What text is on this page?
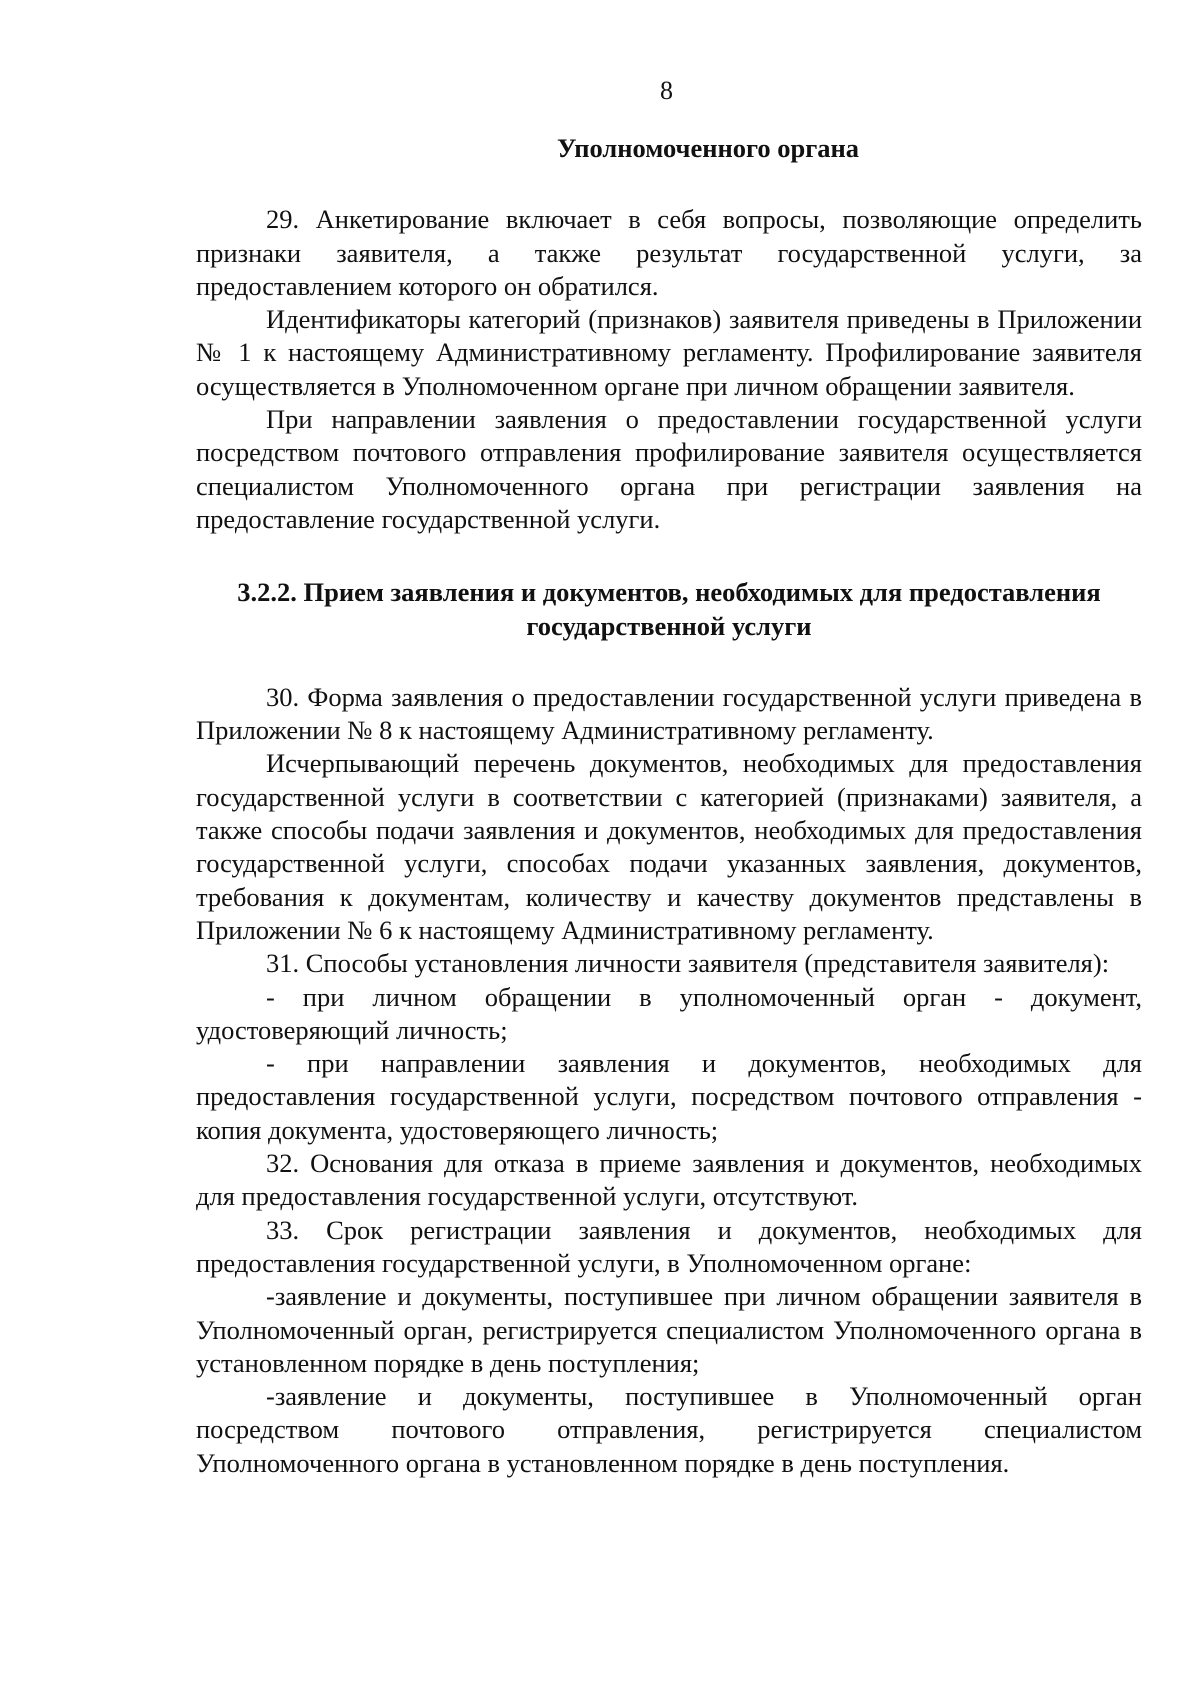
8
Уполномоченного органа

29. Анкетирование включает в себя вопросы, позволяющие определить признаки заявителя, а также результат государственной услуги, за предоставлением которого он обратился.

Идентификаторы категорий (признаков) заявителя приведены в Приложении № 1 к настоящему Административному регламенту. Профилирование заявителя осуществляется в Уполномоченном органе при личном обращении заявителя.

При направлении заявления о предоставлении государственной услуги посредством почтового отправления профилирование заявителя осуществляется специалистом Уполномоченного органа при регистрации заявления на предоставление государственной услуги.

3.2.2. Прием заявления и документов, необходимых для предоставления
государственной услуги

30. Форма заявления о предоставлении государственной услуги приведена в Приложении № 8 к настоящему Административному регламенту.

Исчерпывающий перечень документов, необходимых для предоставления государственной услуги в соответствии с категорией (признаками) заявителя, а также способы подачи заявления и документов, необходимых для предоставления государственной услуги, способах подачи указанных заявления, документов, требования к документам, количеству и качеству документов представлены в Приложении № 6 к настоящему Административному регламенту.

31. Способы установления личности заявителя (представителя заявителя):

- при личном обращении в уполномоченный орган - документ, удостоверяющий личность;

- при направлении заявления и документов, необходимых для предоставления государственной услуги, посредством почтового отправления - копия документа, удостоверяющего личность;

32. Основания для отказа в приеме заявления и документов, необходимых для предоставления государственной услуги, отсутствуют.

33. Срок регистрации заявления и документов, необходимых для предоставления государственной услуги, в Уполномоченном органе:

-заявление и документы, поступившее при личном обращении заявителя в Уполномоченный орган, регистрируется специалистом Уполномоченного органа в установленном порядке в день поступления;

-заявление и документы, поступившее в Уполномоченный орган посредством почтового отправления, регистрируется специалистом Уполномоченного органа в установленном порядке в день поступления.
